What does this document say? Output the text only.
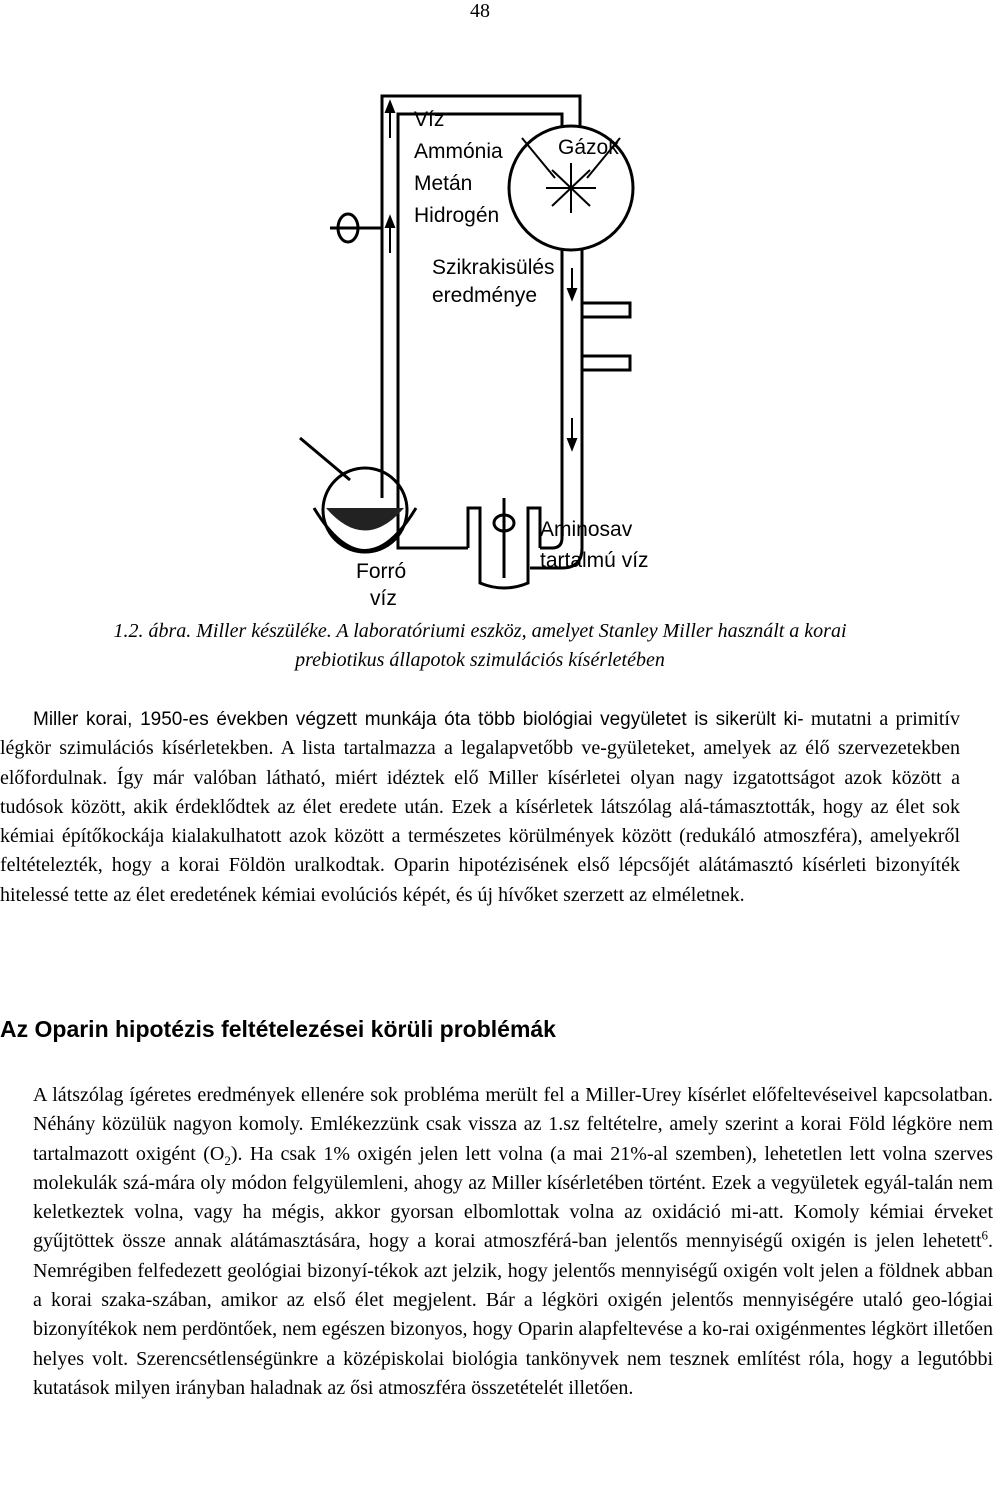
48
Víz
Ammónia
Metán
Hidrogén
Gázok
Szikrakisülés
eredménye
Aminosav
tartalmú víz
Forró
víz
1.2. ábra. Miller készüléke. A laboratóriumi eszköz, amelyet Stanley Miller használt a korai
prebiotikus állapotok szimulációs kísérletében

Miller korai, 1950-es években végzett munkája óta több biológiai vegyületet is sikerült ki- mutatni a primitív légkör szimulációs kísérletekben. A lista tartalmazza a legalapvetőbb ve-gyületeket, amelyek az élő szervezetekben előfordulnak. Így már valóban látható, miért idéztek elő Miller kísérletei olyan nagy izgatottságot azok között a tudósok között, akik érdeklődtek az élet eredete után. Ezek a kísérletek látszólag alá-támasztották, hogy az élet sok kémiai építőkockája kialakulhatott azok között a természetes körülmények között (redukáló atmoszféra), amelyekről feltételezték, hogy a korai Földön uralkodtak. Oparin hipotézisének első lépcsőjét alátámasztó kísérleti bizonyíték hitelessé tette az élet eredetének kémiai evolúciós képét, és új hívőket szerzett az elméletnek.

Az Oparin hipotézis feltételezései körüli problémák

A látszólag ígéretes eredmények ellenére sok probléma merült fel a Miller-Urey kísérlet előfeltevéseivel kapcsolatban. Néhány közülük nagyon komoly. Emlékezzünk csak vissza az 1.sz feltételre, amely szerint a korai Föld légköre nem tartalmazott oxigént $(O_2)$. Ha csak 1% oxigén jelen lett volna (a mai 21%-al szemben), lehetetlen lett volna szerves molekulák szá-mára oly módon felgyülemleni, ahogy az Miller kísérletében történt. Ezek a vegyületek egyál-talán nem keletkeztek volna, vagy ha mégis, akkor gyorsan elbomlottak volna az oxidáció mi-att. Komoly kémiai érveket gyűjtöttek össze annak alátámasztására, hogy a korai atmoszférá-ban jelentős mennyiségű oxigén is jelen lehetett$^6$. Nemrégiben felfedezett geológiai bizonyí-tékok azt jelzik, hogy jelentős mennyiségű oxigén volt jelen a földnek abban a korai szaka-szában, amikor az első élet megjelent. Bár a légköri oxigén jelentős mennyiségére utaló geo-lógiai bizonyítékok nem perdöntőek, nem egészen bizonyos, hogy Oparin alapfeltevése a ko-rai oxigénmentes légkört illetően helyes volt. Szerencsétlenségünkre a középiskolai biológia tankönyvek nem tesznek említést róla, hogy a legutóbbi kutatások milyen irányban haladnak az ősi atmoszféra összetételét illetően.
